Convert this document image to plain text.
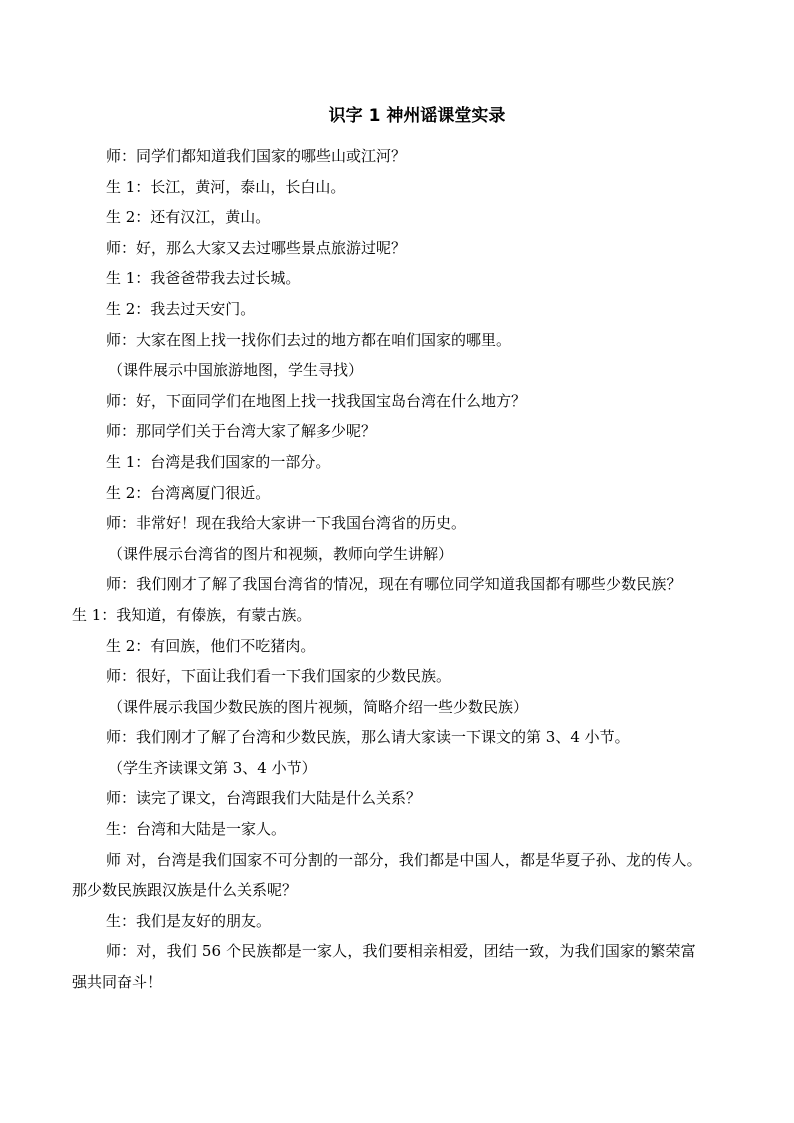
识字 1 神州谣课堂实录
师：同学们都知道我们国家的哪些山或江河？
生 1：长江，黄河，泰山，长白山。
生 2：还有汉江，黄山。
师：好，那么大家又去过哪些景点旅游过呢？
生 1：我爸爸带我去过长城。
生 2：我去过天安门。
师：大家在图上找一找你们去过的地方都在咱们国家的哪里。
（课件展示中国旅游地图，学生寻找）
师：好，下面同学们在地图上找一找我国宝岛台湾在什么地方？
师：那同学们关于台湾大家了解多少呢？
生 1：台湾是我们国家的一部分。
生 2：台湾离厦门很近。
师：非常好！现在我给大家讲一下我国台湾省的历史。
（课件展示台湾省的图片和视频，教师向学生讲解）
师：我们刚才了解了我国台湾省的情况，现在有哪位同学知道我国都有哪些少数民族？
生 1：我知道，有傣族，有蒙古族。
生 2：有回族，他们不吃猪肉。
师：很好，下面让我们看一下我们国家的少数民族。
（课件展示我国少数民族的图片视频，简略介绍一些少数民族）
师：我们刚才了解了台湾和少数民族，那么请大家读一下课文的第 3、4 小节。
（学生齐读课文第 3、4 小节）
师：读完了课文，台湾跟我们大陆是什么关系？
生：台湾和大陆是一家人。
师 对，台湾是我们国家不可分割的一部分，我们都是中国人，都是华夏子孙、龙的传人。
那少数民族跟汉族是什么关系呢？
生：我们是友好的朋友。
师：对，我们 56 个民族都是一家人，我们要相亲相爱，团结一致，为我们国家的繁荣富
强共同奋斗！
